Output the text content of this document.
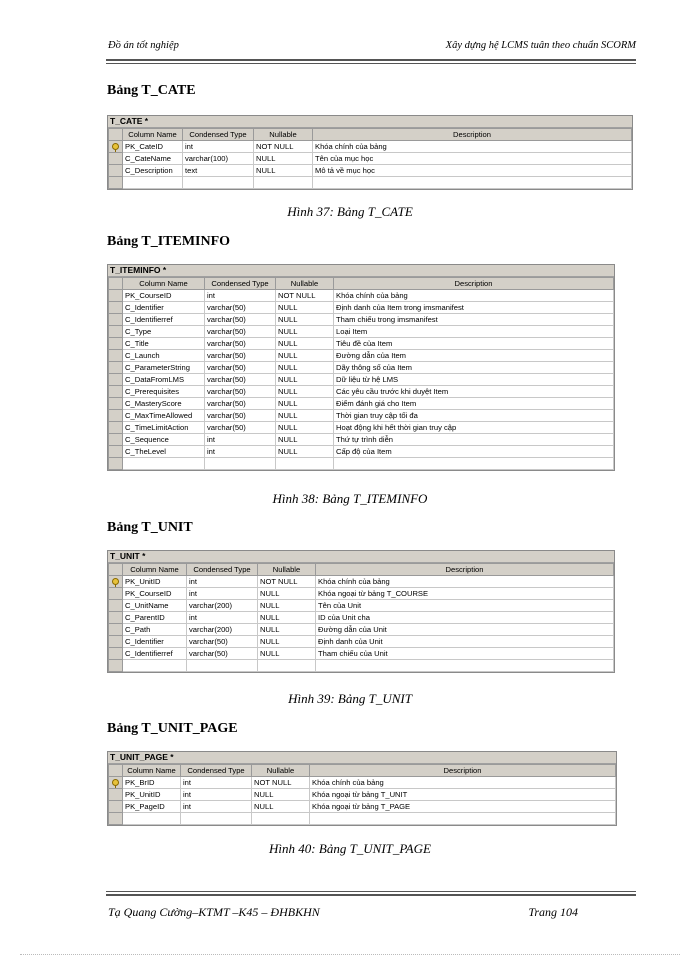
Đồ án tốt nghiệp	Xây dựng hệ LCMS tuân theo chuẩn SCORM
Bảng T_CATE
T_CATE *
	Column Name	Condensed Type	Nullable	Description

	PK_CateID	int	NOT NULL	Khóa chính của bảng
	C_CateName	varchar(100)	NULL	Tên của mục học
	C_Description	text	NULL	Mô tả về mục học

Hình 37: Bảng T_CATE
Bảng T_ITEMINFO
T_ITEMINFO *
	Column Name	Condensed Type	Nullable	Description
	PK_CourseID	int	NOT NULL	Khóa chính của bảng
	C_Identifier	varchar(50)	NULL	Định danh của Item trong imsmanifest
	C_Identifierref	varchar(50)	NULL	Tham chiếu trong imsmanifest
	C_Type	varchar(50)	NULL	Loại Item
	C_Title	varchar(50)	NULL	Tiêu đề của Item
	C_Launch	varchar(50)	NULL	Đường dẫn của Item
	C_ParameterString	varchar(50)	NULL	Dãy thông số của Item
	C_DataFromLMS	varchar(50)	NULL	Dữ liệu từ hệ LMS
	C_Prerequisites	varchar(50)	NULL	Các yêu cầu trước khi duyệt Item
	C_MasteryScore	varchar(50)	NULL	Điểm đánh giá cho Item
	C_MaxTimeAllowed	varchar(50)	NULL	Thời gian truy cập tối đa
	C_TimeLimitAction	varchar(50)	NULL	Hoạt động khi hết thời gian truy cập
	C_Sequence	int	NULL	Thứ tự trình diễn
	C_TheLevel	int	NULL	Cấp độ của Item

Hình 38: Bảng T_ITEMINFO
Bảng T_UNIT
T_UNIT *
	Column Name	Condensed Type	Nullable	Description

	PK_UnitID	int	NOT NULL	Khóa chính của bảng
	PK_CourseID	int	NULL	Khóa ngoại từ bảng T_COURSE
	C_UnitName	varchar(200)	NULL	Tên của Unit
	C_ParentID	int	NULL	ID của Unit cha
	C_Path	varchar(200)	NULL	Đường dẫn của Unit
	C_Identifier	varchar(50)	NULL	Định danh của Unit
	C_Identifierref	varchar(50)	NULL	Tham chiếu của Unit

Hình 39: Bảng T_UNIT
Bảng T_UNIT_PAGE
T_UNIT_PAGE *
	Column Name	Condensed Type	Nullable	Description

	PK_BrID	int	NOT NULL	Khóa chính của bảng
	PK_UnitID	int	NULL	Khóa ngoại từ bảng T_UNIT
	PK_PageID	int	NULL	Khóa ngoại từ bảng T_PAGE

Hình 40: Bảng T_UNIT_PAGE
Tạ Quang Cường–KTMT –K45 – ĐHBKHN	Trang 104
